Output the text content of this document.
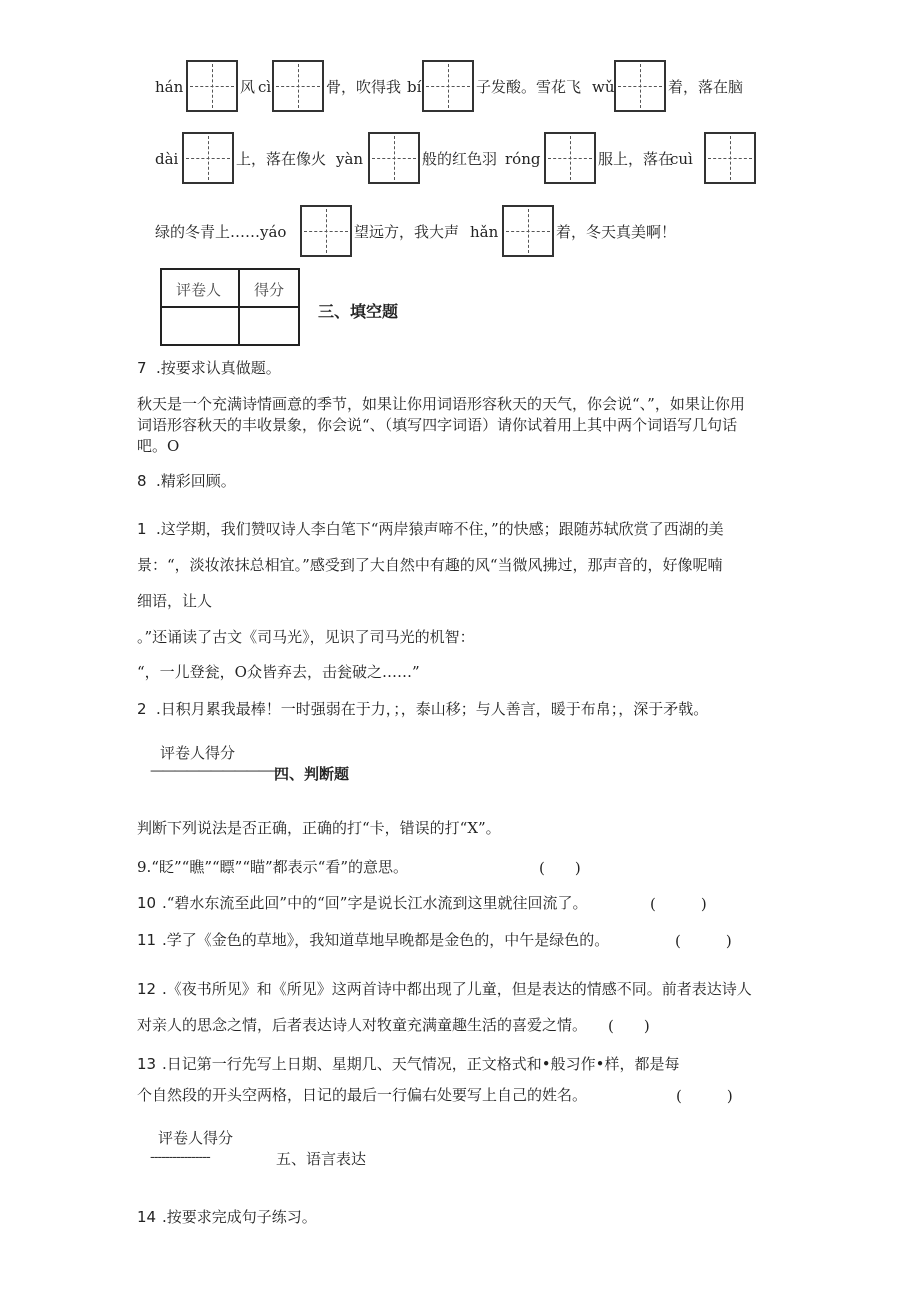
hán	风 cì	骨，吹得我 bí	子发酸。雪花飞 wǔ	着，落在脑
dài	上，落在像火 yàn	般的红色羽 róng	服上，落在
cuì
绿的冬青上……yáo	望远方，我大声 hǎn	着，冬天真美啊！
评卷人 得分
三、填空题
7 .按要求认真做题。
秋天是一个充满诗情画意的季节，如果让你用词语形容秋天的天气，你会说“、”，如果让你用
词语形容秋天的丰收景象，你会说“、（填写四字词语）请你试着用上其中两个词语写几句话
吧。O
8 .精彩回顾。
1 .这学期，我们赞叹诗人李白笔下“两岸猿声啼不住，”的快感；跟随苏轼欣赏了西湖的美
景：“，淡妆浓抹总相宜。”感受到了大自然中有趣的风“当微风拂过，那声音的，好像呢喃
细语，让人
。”还诵读了古文《司马光》，见识了司马光的机智：
“，一儿登瓮，O众皆弃去，击瓮破之……”
2 .日积月累我最棒！一时强弱在于力，；，泰山移；与人善言，暖于布帛；，深于矛戟。
评卷人得分
———————————
四、判断题
判断下列说法是否正确，正确的打“卡，错误的打“X”。
9.“眨”“瞧”“瞟”“瞄”都表示“看”的意思。	(　　)
10 .“碧水东流至此回”中的“回”字是说长江水流到这里就往回流了。	(　　　)
11 .学了《金色的草地》，我知道草地早晚都是金色的，中午是绿色的。	(　　　)
12 .《夜书所见》和《所见》这两首诗中都出现了儿童，但是表达的情感不同。前者表达诗人
对亲人的思念之情，后者表达诗人对牧童充满童趣生活的喜爱之情。 (　　)
13 .日记第一行先写上日期、星期几、天气情况，正文格式和•般习作•样，都是每
个自然段的开头空两格，日记的最后一行偏右处要写上自己的姓名。	(　　　)
评卷人得分
----------------	五、语言表达
14 .按要求完成句子练习。
